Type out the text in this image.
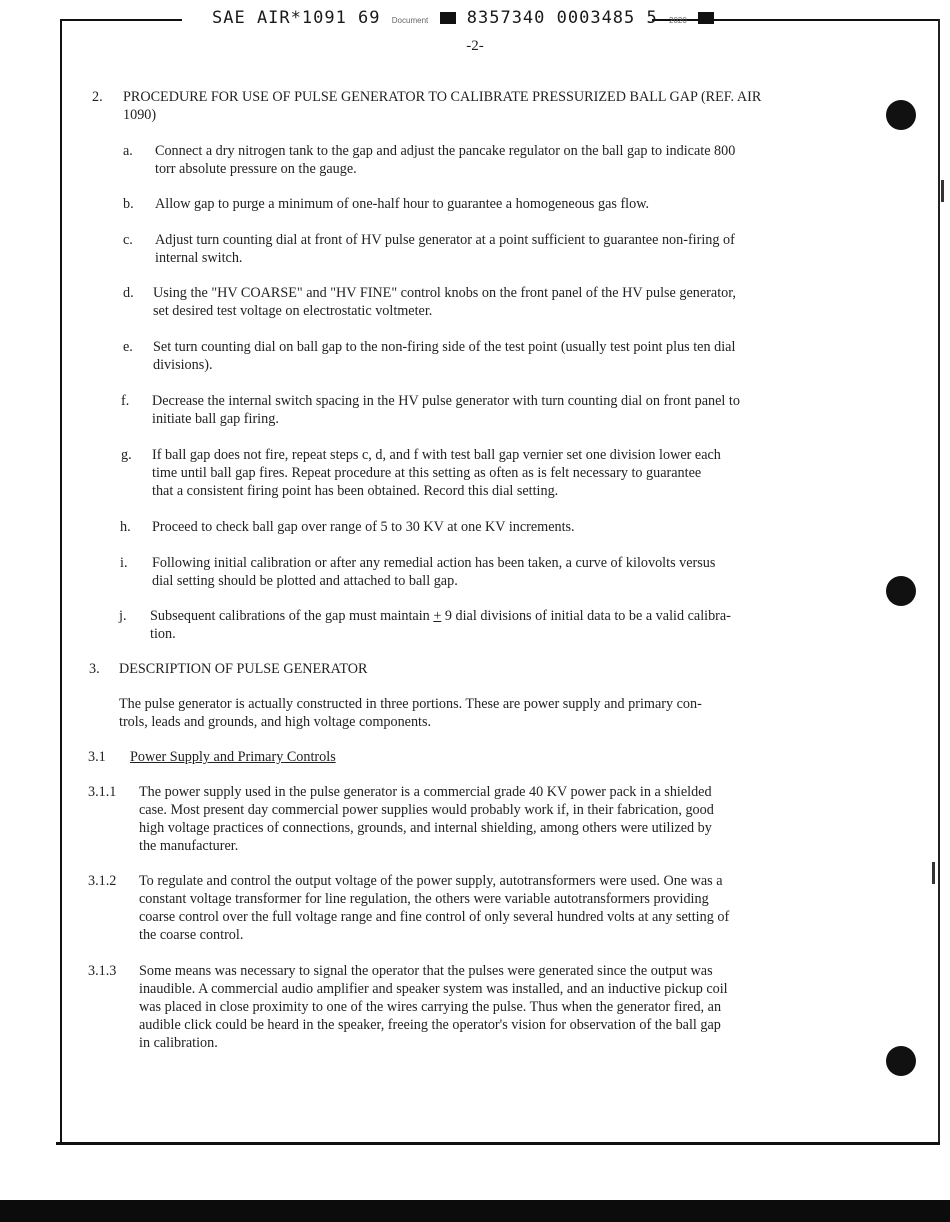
SAE AIR*1091 69 Document 8357340 0003485 5 2020
-2-
2. PROCEDURE FOR USE OF PULSE GENERATOR TO CALIBRATE PRESSURIZED BALL GAP (REF. AIR
1090)
a. Connect a dry nitrogen tank to the gap and adjust the pancake regulator on the ball gap to indicate 800
torr absolute pressure on the gauge.
b. Allow gap to purge a minimum of one-half hour to guarantee a homogeneous gas flow.
c. Adjust turn counting dial at front of HV pulse generator at a point sufficient to guarantee non-firing of
internal switch.
d. Using the "HV COARSE" and "HV FINE" control knobs on the front panel of the HV pulse generator,
set desired test voltage on electrostatic voltmeter.
e. Set turn counting dial on ball gap to the non-firing side of the test point (usually test point plus ten dial
divisions).
f. Decrease the internal switch spacing in the HV pulse generator with turn counting dial on front panel to
initiate ball gap firing.
g. If ball gap does not fire, repeat steps c, d, and f with test ball gap vernier set one division lower each
time until ball gap fires. Repeat procedure at this setting as often as is felt necessary to guarantee
that a consistent firing point has been obtained. Record this dial setting.
h. Proceed to check ball gap over range of 5 to 30 KV at one KV increments.
i. Following initial calibration or after any remedial action has been taken, a curve of kilovolts versus
dial setting should be plotted and attached to ball gap.
j. Subsequent calibrations of the gap must maintain + 9 dial divisions of initial data to be a valid calibra-
tion.
3. DESCRIPTION OF PULSE GENERATOR
The pulse generator is actually constructed in three portions. These are power supply and primary con-
trols, leads and grounds, and high voltage components.
3.1 Power Supply and Primary Controls
3.1.1 The power supply used in the pulse generator is a commercial grade 40 KV power pack in a shielded
case. Most present day commercial power supplies would probably work if, in their fabrication, good
high voltage practices of connections, grounds, and internal shielding, among others were utilized by
the manufacturer.
3.1.2 To regulate and control the output voltage of the power supply, autotransformers were used. One was a
constant voltage transformer for line regulation, the others were variable autotransformers providing
coarse control over the full voltage range and fine control of only several hundred volts at any setting of
the coarse control.
3.1.3 Some means was necessary to signal the operator that the pulses were generated since the output was
inaudible. A commercial audio amplifier and speaker system was installed, and an inductive pickup coil
was placed in close proximity to one of the wires carrying the pulse. Thus when the generator fired, an
audible click could be heard in the speaker, freeing the operator's vision for observation of the ball gap
in calibration.
